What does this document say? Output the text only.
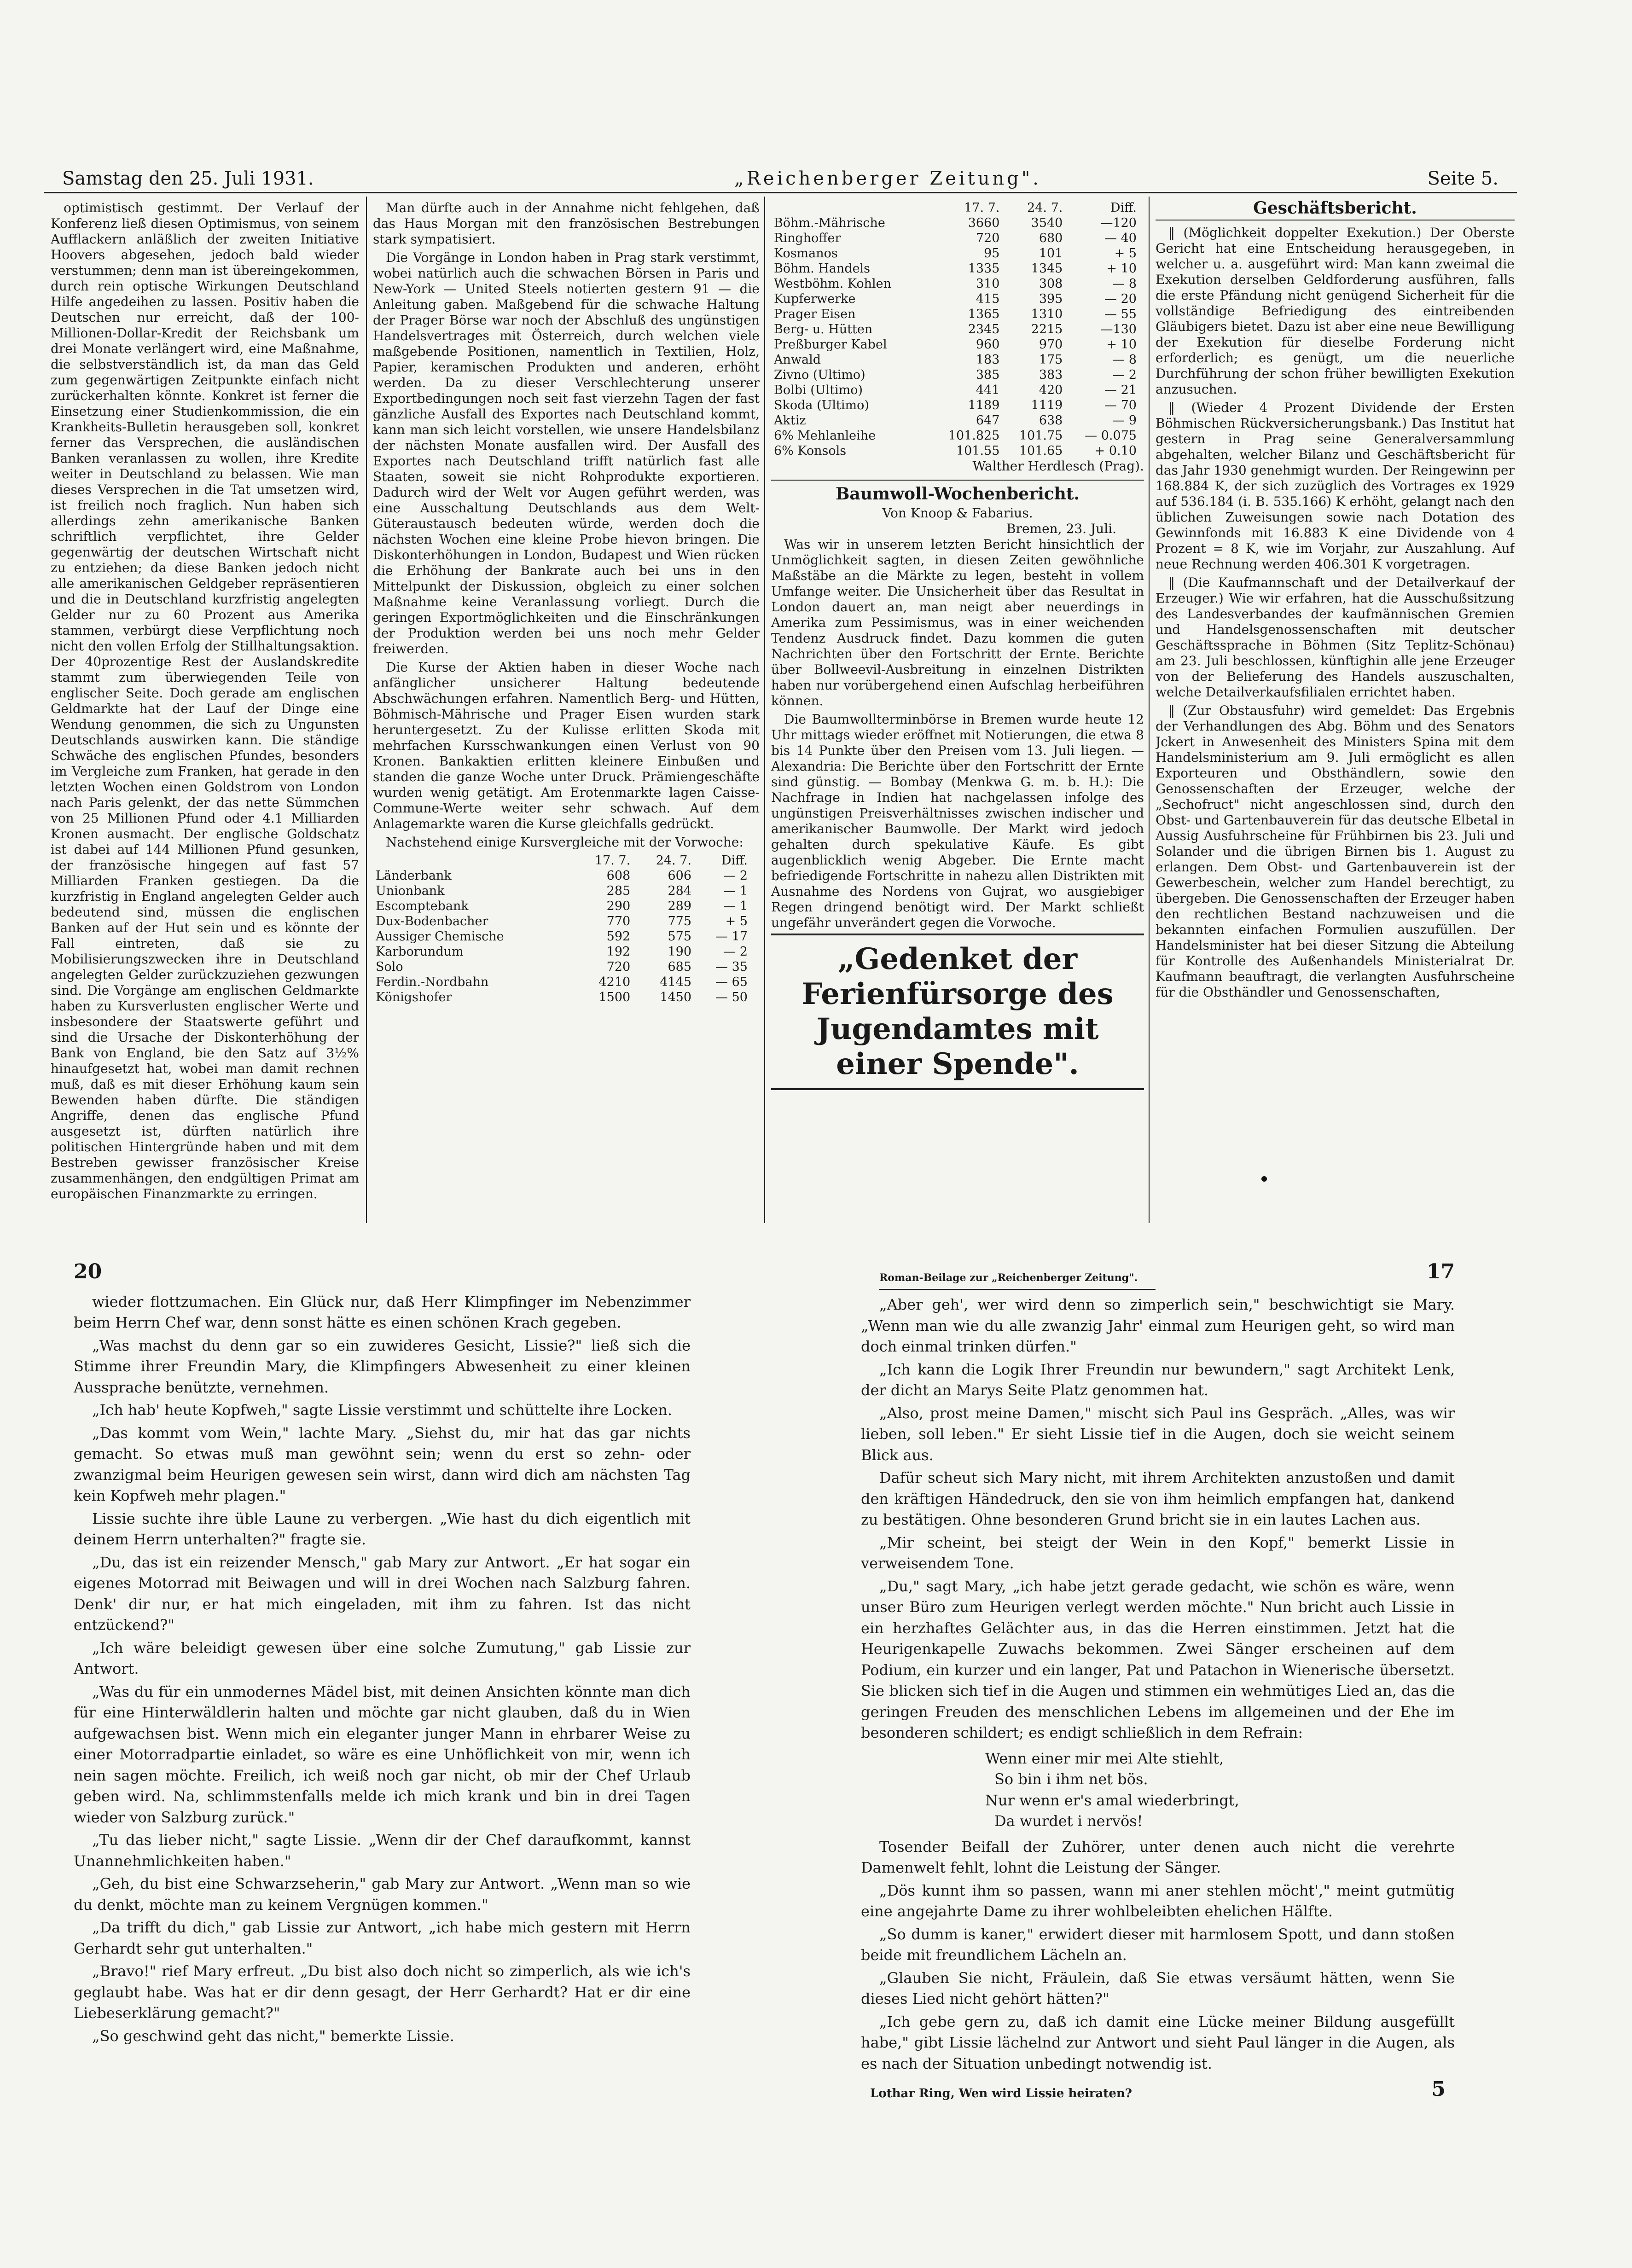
Samstag den 25. Juli 1931.	„Reichenberger Zeitung".	Seite 5.

optimistisch gestimmt. Der Verlauf der Konferenz ließ diesen Optimismus, von seinem Aufflackern anläßlich der zweiten Initiative Hoovers abgesehen, jedoch bald wieder verstummen; denn man ist übereingekommen, durch rein optische Wirkungen Deutschland Hilfe angedeihen zu lassen. Positiv haben die Deutschen nur erreicht, daß der 100-Millionen-Dollar-Kredit der Reichsbank um drei Monate verlängert wird, eine Maßnahme, die selbstverständlich ist, da man das Geld zum gegenwärtigen Zeitpunkte einfach nicht zurückerhalten könnte. Konkret ist ferner die Einsetzung einer Studienkommission, die ein Krankheits-Bulletin herausgeben soll, konkret ferner das Versprechen, die ausländischen Banken veranlassen zu wollen, ihre Kredite weiter in Deutschland zu belassen. Wie man dieses Versprechen in die Tat umsetzen wird, ist freilich noch fraglich. Nun haben sich allerdings zehn amerikanische Banken schriftlich verpflichtet, ihre Gelder gegenwärtig der deutschen Wirtschaft nicht zu entziehen; da diese Banken jedoch nicht alle amerikanischen Geldgeber repräsentieren und die in Deutschland kurzfristig angelegten Gelder nur zu 60 Prozent aus Amerika stammen, verbürgt diese Verpflichtung noch nicht den vollen Erfolg der Stillhaltungsaktion. Der 40prozentige Rest der Auslandskredite stammt zum überwiegenden Teile von englischer Seite. Doch gerade am englischen Geldmarkte hat der Lauf der Dinge eine Wendung genommen, die sich zu Ungunsten Deutschlands auswirken kann. Die ständige Schwäche des englischen Pfundes, besonders im Vergleiche zum Franken, hat gerade in den letzten Wochen einen Goldstrom von London nach Paris gelenkt, der das nette Sümmchen von 25 Millionen Pfund oder 4.1 Milliarden Kronen ausmacht. Der englische Goldschatz ist dabei auf 144 Millionen Pfund gesunken, der französische hingegen auf fast 57 Milliarden Franken gestiegen. Da die kurzfristig in England angelegten Gelder auch bedeutend sind, müssen die englischen Banken auf der Hut sein und es könnte der Fall eintreten, daß sie zu Mobilisierungszwecken ihre in Deutschland angelegten Gelder zurückzuziehen gezwungen sind. Die Vorgänge am englischen Geldmarkte haben zu Kursverlusten englischer Werte und insbesondere der Staatswerte geführt und sind die Ursache der Diskonterhöhung der Bank von England, bie den Satz auf 3½% hinaufgesetzt hat, wobei man damit rechnen muß, daß es mit dieser Erhöhung kaum sein Bewenden haben dürfte. Die ständigen Angriffe, denen das englische Pfund ausgesetzt ist, dürften natürlich ihre politischen Hintergründe haben und mit dem Bestreben gewisser französischer Kreise zusammenhängen, den endgültigen Primat am europäischen Finanzmarkte zu erringen.

Man dürfte auch in der Annahme nicht fehlgehen, daß das Haus Morgan mit den französischen Bestrebungen stark sympatisiert.

Die Vorgänge in London haben in Prag stark verstimmt, wobei natürlich auch die schwachen Börsen in Paris und New-York — United Steels notierten gestern 91 — die Anleitung gaben. Maßgebend für die schwache Haltung der Prager Börse war noch der Abschluß des ungünstigen Handelsvertrages mit Österreich, durch welchen viele maßgebende Positionen, namentlich in Textilien, Holz, Papier, keramischen Produkten und anderen, erhöht werden. Da zu dieser Verschlechterung unserer Exportbedingungen noch seit fast vierzehn Tagen der fast gänzliche Ausfall des Exportes nach Deutschland kommt, kann man sich leicht vorstellen, wie unsere Handelsbilanz der nächsten Monate ausfallen wird. Der Ausfall des Exportes nach Deutschland trifft natürlich fast alle Staaten, soweit sie nicht Rohprodukte exportieren. Dadurch wird der Welt vor Augen geführt werden, was eine Ausschaltung Deutschlands aus dem Welt-Güteraustausch bedeuten würde, werden doch die nächsten Wochen eine kleine Probe hievon bringen. Die Diskonterhöhungen in London, Budapest und Wien rücken die Erhöhung der Bankrate auch bei uns in den Mittelpunkt der Diskussion, obgleich zu einer solchen Maßnahme keine Veranlassung vorliegt. Durch die geringen Exportmöglichkeiten und die Einschränkungen der Produktion werden bei uns noch mehr Gelder freiwerden.

Die Kurse der Aktien haben in dieser Woche nach anfänglicher unsicherer Haltung bedeutende Abschwächungen erfahren. Namentlich Berg- und Hütten, Böhmisch-Mährische und Prager Eisen wurden stark heruntergesetzt. Zu der Kulisse erlitten Skoda mit mehrfachen Kursschwankungen einen Verlust von 90 Kronen. Bankaktien erlitten kleinere Einbußen und standen die ganze Woche unter Druck. Prämiengeschäfte wurden wenig getätigt. Am Erotenmarkte lagen Caisse-Commune-Werte weiter sehr schwach. Auf dem Anlagemarkte waren die Kurse gleichfalls gedrückt.

Nachstehend einige Kursvergleiche mit der Vorwoche:

	17. 7.	24. 7.	Diff.
Länderbank	608	606	— 2
Unionbank	285	284	— 1
Escomptebank	290	289	— 1
Dux-Bodenbacher	770	775	+ 5
Aussiger Chemische	592	575	— 17
Karborundum	192	190	— 2
Solo	720	685	— 35
Ferdin.-Nordbahn	4210	4145	— 65
Königshofer	1500	1450	— 50
	17. 7.	24. 7.	Diff.
Böhm.-Mährische	3660	3540	—120
Ringhoffer	720	680	— 40
Kosmanos	95	101	+ 5
Böhm. Handels	1335	1345	+ 10
Westböhm. Kohlen	310	308	— 8
Kupferwerke	415	395	— 20
Prager Eisen	1365	1310	— 55
Berg- u. Hütten	2345	2215	—130
Preßburger Kabel	960	970	+ 10
Anwald	183	175	— 8
Zivno (Ultimo)	385	383	— 2
Bolbi (Ultimo)	441	420	— 21
Skoda (Ultimo)	1189	1119	— 70
Aktiz	647	638	— 9
6% Mehlanleihe	101.825	101.75	— 0.075
6% Konsols	101.55	101.65	+ 0.10
Walther Herdlesch (Prag).
Baumwoll-Wochenbericht.
Von Knoop & Fabarius.
Bremen, 23. Juli.

Was wir in unserem letzten Bericht hinsichtlich der Unmöglichkeit sagten, in diesen Zeiten gewöhnliche Maßstäbe an die Märkte zu legen, besteht in vollem Umfange weiter. Die Unsicherheit über das Resultat in London dauert an, man neigt aber neuerdings in Amerika zum Pessimismus, was in einer weichenden Tendenz Ausdruck findet. Dazu kommen die guten Nachrichten über den Fortschritt der Ernte. Berichte über Bollweevil-Ausbreitung in einzelnen Distrikten haben nur vorübergehend einen Aufschlag herbeiführen können.

Die Baumwollterminbörse in Bremen wurde heute 12 Uhr mittags wieder eröffnet mit Notierungen, die etwa 8 bis 14 Punkte über den Preisen vom 13. Juli liegen. — Alexandria: Die Berichte über den Fortschritt der Ernte sind günstig. — Bombay (Menkwa G. m. b. H.): Die Nachfrage in Indien hat nachgelassen infolge des ungünstigen Preisverhältnisses zwischen indischer und amerikanischer Baumwolle. Der Markt wird jedoch gehalten durch spekulative Käufe. Es gibt augenblicklich wenig Abgeber. Die Ernte macht befriedigende Fortschritte in nahezu allen Distrikten mit Ausnahme des Nordens von Gujrat, wo ausgiebiger Regen dringend benötigt wird. Der Markt schließt ungefähr unverändert gegen die Vorwoche.

„Gedenket der Ferienfürsorge des Jugendamtes mit einer Spende".
Geschäftsbericht.

‖ (Möglichkeit doppelter Exekution.) Der Oberste Gericht hat eine Entscheidung herausgegeben, in welcher u. a. ausgeführt wird: Man kann zweimal die Exekution derselben Geldforderung ausführen, falls die erste Pfändung nicht genügend Sicherheit für die vollständige Befriedigung des eintreibenden Gläubigers bietet. Dazu ist aber eine neue Bewilligung der Exekution für dieselbe Forderung nicht erforderlich; es genügt, um die neuerliche Durchführung der schon früher bewilligten Exekution anzusuchen.

‖ (Wieder 4 Prozent Dividende der Ersten Böhmischen Rückversicherungsbank.) Das Institut hat gestern in Prag seine Generalversammlung abgehalten, welcher Bilanz und Geschäftsbericht für das Jahr 1930 genehmigt wurden. Der Reingewinn per 168.884 K, der sich zuzüglich des Vortrages ex 1929 auf 536.184 (i. B. 535.166) K erhöht, gelangt nach den üblichen Zuweisungen sowie nach Dotation des Gewinnfonds mit 16.883 K eine Dividende von 4 Prozent = 8 K, wie im Vorjahr, zur Auszahlung. Auf neue Rechnung werden 406.301 K vorgetragen.

‖ (Die Kaufmannschaft und der Detailverkauf der Erzeuger.) Wie wir erfahren, hat die Ausschußsitzung des Landesverbandes der kaufmännischen Gremien und Handelsgenossenschaften mit deutscher Geschäftssprache in Böhmen (Sitz Teplitz-Schönau) am 23. Juli beschlossen, künftighin alle jene Erzeuger von der Belieferung des Handels auszuschalten, welche Detailverkaufsfilialen errichtet haben.

‖ (Zur Obstausfuhr) wird gemeldet: Das Ergebnis der Verhandlungen des Abg. Böhm und des Senators Jckert in Anwesenheit des Ministers Spina mit dem Handelsministerium am 9. Juli ermöglicht es allen Exporteuren und Obsthändlern, sowie den Genossenschaften der Erzeuger, welche der „Sechofruct" nicht angeschlossen sind, durch den Obst- und Gartenbauverein für das deutsche Elbetal in Aussig Ausfuhrscheine für Frühbirnen bis 23. Juli und Solander und die übrigen Birnen bis 1. August zu erlangen. Dem Obst- und Gartenbauverein ist der Gewerbeschein, welcher zum Handel berechtigt, zu übergeben. Die Genossenschaften der Erzeuger haben den rechtlichen Bestand nachzuweisen und die bekannten einfachen Formulien auszufüllen. Der Handelsminister hat bei dieser Sitzung die Abteilung für Kontrolle des Außenhandels Ministerialrat Dr. Kaufmann beauftragt, die verlangten Ausfuhrscheine für die Obsthändler und Genossenschaften,

20

wieder flottzumachen. Ein Glück nur, daß Herr Klimpfinger im Nebenzimmer beim Herrn Chef war, denn sonst hätte es einen schönen Krach gegeben.

„Was machst du denn gar so ein zuwideres Gesicht, Lissie?" ließ sich die Stimme ihrer Freundin Mary, die Klimpfingers Abwesenheit zu einer kleinen Aussprache benützte, vernehmen.

„Ich hab' heute Kopfweh," sagte Lissie verstimmt und schüttelte ihre Locken.

„Das kommt vom Wein," lachte Mary. „Siehst du, mir hat das gar nichts gemacht. So etwas muß man gewöhnt sein; wenn du erst so zehn- oder zwanzigmal beim Heurigen gewesen sein wirst, dann wird dich am nächsten Tag kein Kopfweh mehr plagen."

Lissie suchte ihre üble Laune zu verbergen. „Wie hast du dich eigentlich mit deinem Herrn unterhalten?" fragte sie.

„Du, das ist ein reizender Mensch," gab Mary zur Antwort. „Er hat sogar ein eigenes Motorrad mit Beiwagen und will in drei Wochen nach Salzburg fahren. Denk' dir nur, er hat mich eingeladen, mit ihm zu fahren. Ist das nicht entzückend?"

„Ich wäre beleidigt gewesen über eine solche Zumutung," gab Lissie zur Antwort.

„Was du für ein unmodernes Mädel bist, mit deinen Ansichten könnte man dich für eine Hinterwäldlerin halten und möchte gar nicht glauben, daß du in Wien aufgewachsen bist. Wenn mich ein eleganter junger Mann in ehrbarer Weise zu einer Motorradpartie einladet, so wäre es eine Unhöflichkeit von mir, wenn ich nein sagen möchte. Freilich, ich weiß noch gar nicht, ob mir der Chef Urlaub geben wird. Na, schlimmstenfalls melde ich mich krank und bin in drei Tagen wieder von Salzburg zurück."

„Tu das lieber nicht," sagte Lissie. „Wenn dir der Chef daraufkommt, kannst Unannehmlichkeiten haben."

„Geh, du bist eine Schwarzseherin," gab Mary zur Antwort. „Wenn man so wie du denkt, möchte man zu keinem Vergnügen kommen."

„Da trifft du dich," gab Lissie zur Antwort, „ich habe mich gestern mit Herrn Gerhardt sehr gut unterhalten."

„Bravo!" rief Mary erfreut. „Du bist also doch nicht so zimperlich, als wie ich's geglaubt habe. Was hat er dir denn gesagt, der Herr Gerhardt? Hat er dir eine Liebeserklärung gemacht?"

„So geschwind geht das nicht," bemerkte Lissie.

Roman-Beilage zur „Reichenberger Zeitung".	17

„Aber geh', wer wird denn so zimperlich sein," beschwichtigt sie Mary. „Wenn man wie du alle zwanzig Jahr' einmal zum Heurigen geht, so wird man doch einmal trinken dürfen."

„Ich kann die Logik Ihrer Freundin nur bewundern," sagt Architekt Lenk, der dicht an Marys Seite Platz genommen hat.

„Also, prost meine Damen," mischt sich Paul ins Gespräch. „Alles, was wir lieben, soll leben." Er sieht Lissie tief in die Augen, doch sie weicht seinem Blick aus.

Dafür scheut sich Mary nicht, mit ihrem Architekten anzustoßen und damit den kräftigen Händedruck, den sie von ihm heimlich empfangen hat, dankend zu bestätigen. Ohne besonderen Grund bricht sie in ein lautes Lachen aus.

„Mir scheint, bei steigt der Wein in den Kopf," bemerkt Lissie in verweisendem Tone.

„Du," sagt Mary, „ich habe jetzt gerade gedacht, wie schön es wäre, wenn unser Büro zum Heurigen verlegt werden möchte." Nun bricht auch Lissie in ein herzhaftes Gelächter aus, in das die Herren einstimmen. Jetzt hat die Heurigenkapelle Zuwachs bekommen. Zwei Sänger erscheinen auf dem Podium, ein kurzer und ein langer, Pat und Patachon in Wienerische übersetzt. Sie blicken sich tief in die Augen und stimmen ein wehmütiges Lied an, das die geringen Freuden des menschlichen Lebens im allgemeinen und der Ehe im besonderen schildert; es endigt schließlich in dem Refrain:

Wenn einer mir mei Alte stiehlt,
So bin i ihm net bös.
Nur wenn er's amal wiederbringt,
Da wurdet i nervös!

Tosender Beifall der Zuhörer, unter denen auch nicht die verehrte Damenwelt fehlt, lohnt die Leistung der Sänger.

„Dös kunnt ihm so passen, wann mi aner stehlen möcht'," meint gutmütig eine angejahrte Dame zu ihrer wohlbeleibten ehelichen Hälfte.

„So dumm is kaner," erwidert dieser mit harmlosem Spott, und dann stoßen beide mit freundlichem Lächeln an.

„Glauben Sie nicht, Fräulein, daß Sie etwas versäumt hätten, wenn Sie dieses Lied nicht gehört hätten?"

„Ich gebe gern zu, daß ich damit eine Lücke meiner Bildung ausgefüllt habe," gibt Lissie lächelnd zur Antwort und sieht Paul länger in die Augen, als es nach der Situation unbedingt notwendig ist.

Lothar Ring, Wen wird Lissie heiraten?	5
